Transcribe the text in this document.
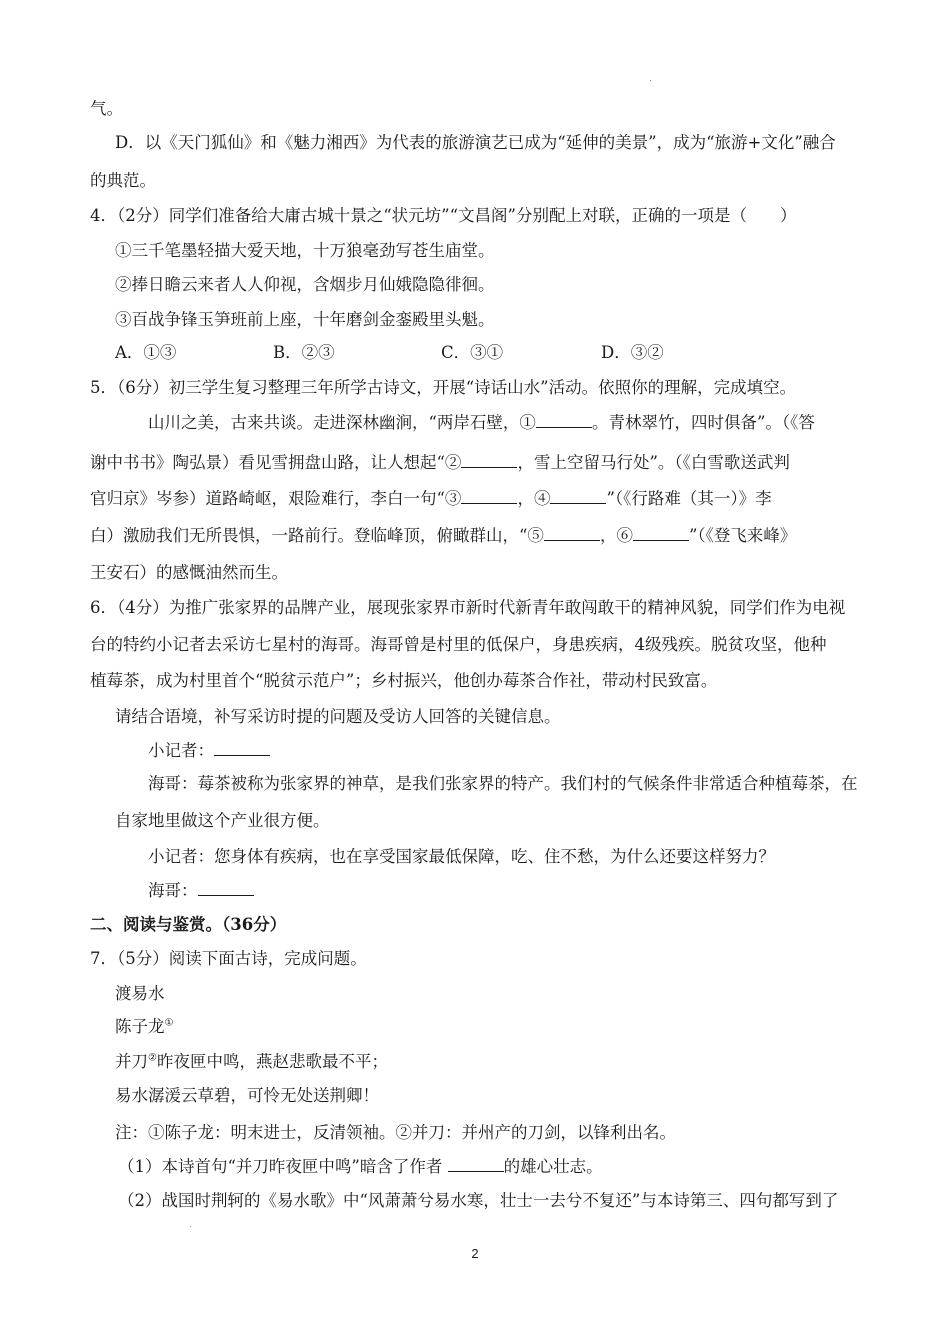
气。
D．以《天门狐仙》和《魅力湘西》为代表的旅游演艺已成为“延伸的美景”，成为“旅游+文化”融合
的典范。
4．（2分）同学们准备给大庸古城十景之“状元坊”“文昌阁”分别配上对联，正确的一项是（　　）
①三千笔墨轻描大爱天地，十万狼毫劲写苍生庙堂。
②捧日瞻云来者人人仰视，含烟步月仙娥隐隐徘徊。
③百战争锋玉笋班前上座，十年磨剑金銮殿里头魁。
A．①③	B．②③	C．③①	D．③②
5．（6分）初三学生复习整理三年所学古诗文，开展“诗话山水”活动。依照你的理解，完成填空。
山川之美，古来共谈。走进深林幽涧，“两岸石壁，①	。青林翠竹，四时俱备”。（《答
谢中书书》陶弘景）看见雪拥盘山路，让人想起“②	，雪上空留马行处”。（《白雪歌送武判
官归京》岑参）道路崎岖，艰险难行，李白一句“③	，④	”（《行路难（其一）》李
白）激励我们无所畏惧，一路前行。登临峰顶，俯瞰群山，“⑤	，⑥	”（《登飞来峰》
王安石）的感慨油然而生。
6．（4分）为推广张家界的品牌产业，展现张家界市新时代新青年敢闯敢干的精神风貌，同学们作为电视
台的特约小记者去采访七星村的海哥。海哥曾是村里的低保户，身患疾病，4级残疾。脱贫攻坚，他种
植莓茶，成为村里首个“脱贫示范户”；乡村振兴，他创办莓茶合作社，带动村民致富。
请结合语境，补写采访时提的问题及受访人回答的关键信息。
小记者：
海哥：莓茶被称为张家界的神草，是我们张家界的特产。我们村的气候条件非常适合种植莓茶，在
自家地里做这个产业很方便。
小记者：您身体有疾病，也在享受国家最低保障，吃、住不愁，为什么还要这样努力？
海哥：
二、阅读与鉴赏。（36分）
7．（5分）阅读下面古诗，完成问题。
渡易水
陈子龙①
并刀②昨夜匣中鸣，燕赵悲歌最不平；
易水潺湲云草碧，可怜无处送荆卿！
注：①陈子龙：明末进士，反清领袖。②并刀：并州产的刀剑，以锋利出名。
（1）本诗首句“并刀昨夜匣中鸣”暗含了作者	的雄心壮志。
（2）战国时荆轲的《易水歌》中“风萧萧兮易水寒，壮士一去兮不复还”与本诗第三、四句都写到了
2
